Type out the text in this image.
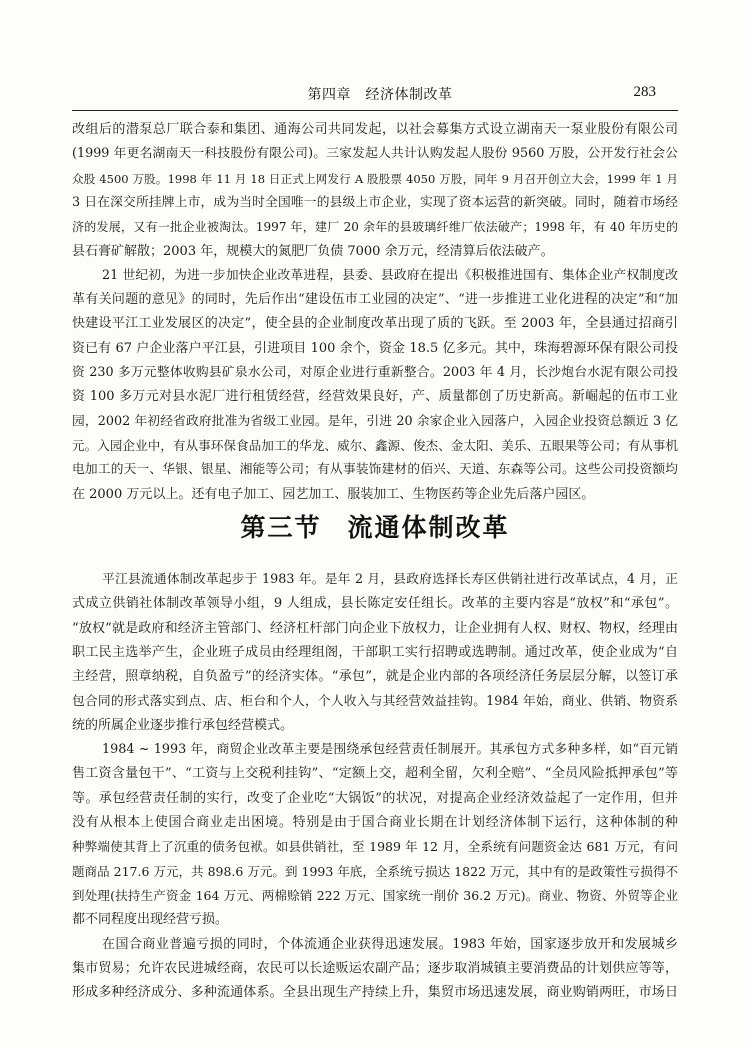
第四章　经济体制改革	283
改组后的潜泵总厂联合泰和集团、通海公司共同发起，以社会募集方式设立湖南天一泵业股份有限公司
(1999 年更名湖南天一科技股份有限公司)。三家发起人共计认购发起人股份 9560 万股，公开发行社会公
众股 4500 万股。1998 年 11 月 18 日正式上网发行 A 股股票 4050 万股，同年 9 月召开创立大会，1999 年 1 月
3 日在深交所挂牌上市，成为当时全国唯一的县级上市企业，实现了资本运营的新突破。同时，随着市场经
济的发展，又有一批企业被淘汰。1997 年，建厂 20 余年的县玻璃纤维厂依法破产；1998 年，有 40 年历史的
县石膏矿解散；2003 年，规模大的氮肥厂负债 7000 余万元，经清算后依法破产。
21 世纪初，为进一步加快企业改革进程，县委、县政府在提出《积极推进国有、集体企业产权制度改
革有关问题的意见》的同时，先后作出“建设伍市工业园的决定”、“进一步推进工业化进程的决定”和“加
快建设平江工业发展区的决定”，使全县的企业制度改革出现了质的飞跃。至 2003 年，全县通过招商引
资已有 67 户企业落户平江县，引进项目 100 余个，资金 18.5 亿多元。其中，珠海碧源环保有限公司投
资 230 多万元整体收购县矿泉水公司，对原企业进行重新整合。2003 年 4 月，长沙炮台水泥有限公司投
资 100 多万元对县水泥厂进行租赁经营，经营效果良好，产、质量都创了历史新高。新崛起的伍市工业
园，2002 年初经省政府批准为省级工业园。是年，引进 20 余家企业入园落户，入园企业投资总额近 3 亿
元。入园企业中，有从事环保食品加工的华龙、威尔、鑫源、俊杰、金太阳、美乐、五眼果等公司；有从事机
电加工的天一、华银、银星、湘能等公司；有从事装饰建材的佰兴、天道、东森等公司。这些公司投资额均
在 2000 万元以上。还有电子加工、园艺加工、服装加工、生物医药等企业先后落户园区。
第三节 流通体制改革
平江县流通体制改革起步于 1983 年。是年 2 月，县政府选择长寿区供销社进行改革试点，4 月，正
式成立供销社体制改革领导小组，9 人组成，县长陈定安任组长。改革的主要内容是“放权”和“承包”。
“放权”就是政府和经济主管部门、经济杠杆部门向企业下放权力，让企业拥有人权、财权、物权，经理由
职工民主选举产生，企业班子成员由经理组阁，干部职工实行招聘或选聘制。通过改革，使企业成为“自
主经营，照章纳税，自负盈亏”的经济实体。“承包”，就是企业内部的各项经济任务层层分解，以签订承
包合同的形式落实到点、店、柜台和个人，个人收入与其经营效益挂钩。1984 年始，商业、供销、物资系
统的所属企业逐步推行承包经营模式。
1984 ~ 1993 年，商贸企业改革主要是围绕承包经营责任制展开。其承包方式多种多样，如“百元销
售工资含量包干”、“工资与上交税利挂钩”、“定额上交，超利全留，欠利全赔”、“全员风险抵押承包”等
等。承包经营责任制的实行，改变了企业吃“大锅饭”的状况，对提高企业经济效益起了一定作用，但并
没有从根本上使国合商业走出困境。特别是由于国合商业长期在计划经济体制下运行，这种体制的种
种弊端使其背上了沉重的债务包袱。如县供销社，至 1989 年 12 月，全系统有问题资金达 681 万元，有问
题商品 217.6 万元，共 898.6 万元。到 1993 年底，全系统亏损达 1822 万元，其中有的是政策性亏损得不
到处理(扶持生产资金 164 万元、两棉赊销 222 万元、国家统一削价 36.2 万元)。商业、物资、外贸等企业
都不同程度出现经营亏损。
在国合商业普遍亏损的同时，个体流通企业获得迅速发展。1983 年始，国家逐步放开和发展城乡
集市贸易；允许农民进城经商，农民可以长途贩运农副产品；逐步取消城镇主要消费品的计划供应等等，
形成多种经济成分、多种流通体系。全县出现生产持续上升，集贸市场迅速发展，商业购销两旺，市场日
